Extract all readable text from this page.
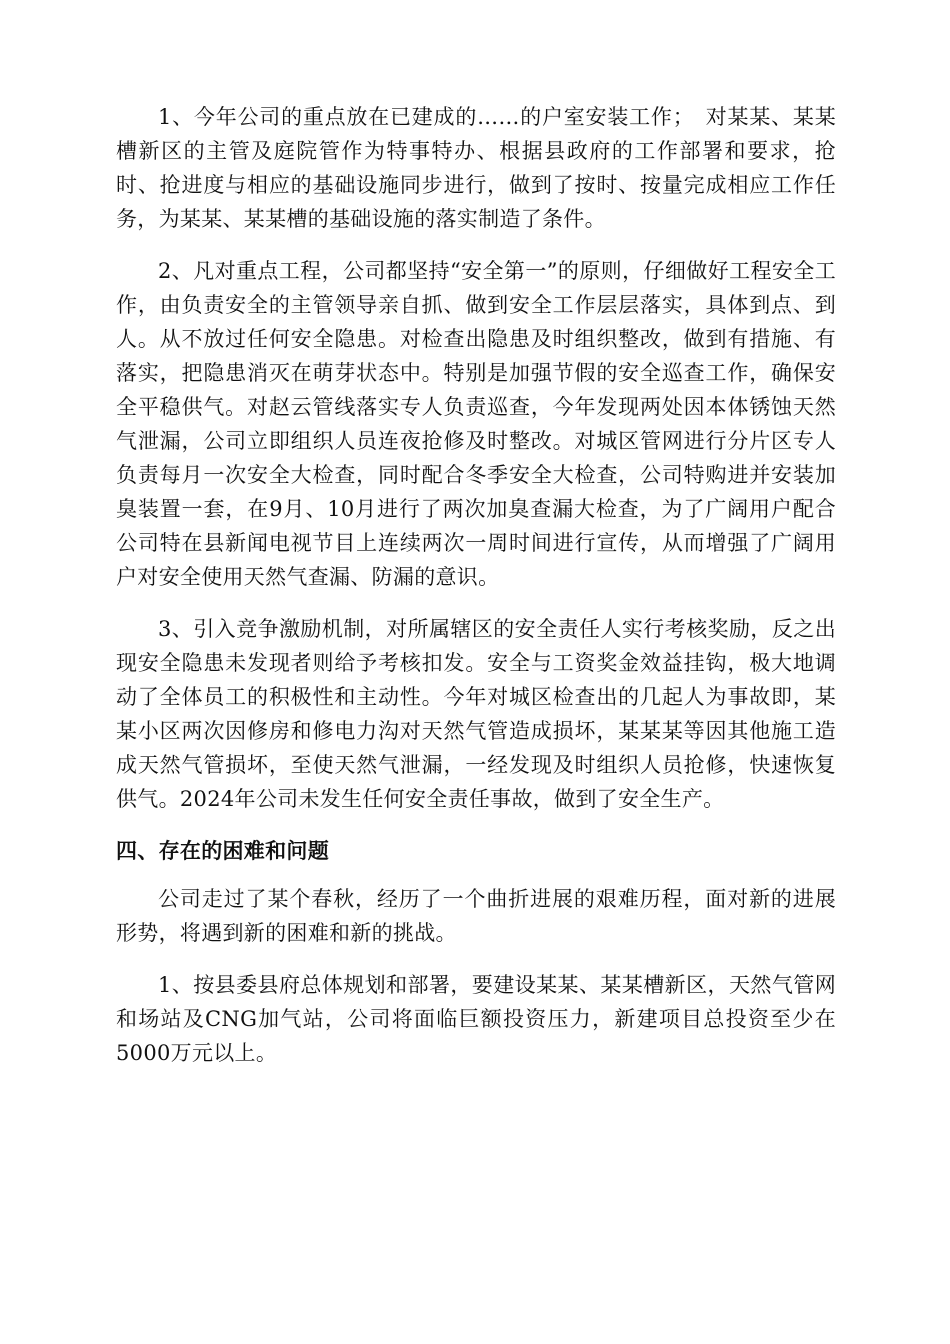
1、今年公司的重点放在已建成的……的户室安装工作；　对某某、某某槽新区的主管及庭院管作为特事特办、根据县政府的工作部署和要求，抢时、抢进度与相应的基础设施同步进行，做到了按时、按量完成相应工作任务，为某某、某某槽的基础设施的落实制造了条件。

2、凡对重点工程，公司都坚持“安全第一”的原则，仔细做好工程安全工作，由负责安全的主管领导亲自抓、做到安全工作层层落实，具体到点、到人。从不放过任何安全隐患。对检查出隐患及时组织整改，做到有措施、有落实，把隐患消灭在萌芽状态中。特别是加强节假的安全巡查工作，确保安全平稳供气。对赵云管线落实专人负责巡查，今年发现两处因本体锈蚀天然气泄漏，公司立即组织人员连夜抢修及时整改。对城区管网进行分片区专人负责每月一次安全大检查，同时配合冬季安全大检查，公司特购进并安装加臭装置一套，在9月、10月进行了两次加臭查漏大检查，为了广阔用户配合公司特在县新闻电视节目上连续两次一周时间进行宣传，从而增强了广阔用户对安全使用天然气查漏、防漏的意识。

3、引入竞争激励机制，对所属辖区的安全责任人实行考核奖励，反之出现安全隐患未发现者则给予考核扣发。安全与工资奖金效益挂钩，极大地调动了全体员工的积极性和主动性。今年对城区检查出的几起人为事故即，某某小区两次因修房和修电力沟对天然气管造成损坏，某某某等因其他施工造成天然气管损坏，至使天然气泄漏，一经发现及时组织人员抢修，快速恢复供气。2024年公司未发生任何安全责任事故，做到了安全生产。

四、存在的困难和问题

公司走过了某个春秋，经历了一个曲折进展的艰难历程，面对新的进展形势，将遇到新的困难和新的挑战。

1、按县委县府总体规划和部署，要建设某某、某某槽新区，天然气管网和场站及CNG加气站，公司将面临巨额投资压力，新建项目总投资至少在5000万元以上。
